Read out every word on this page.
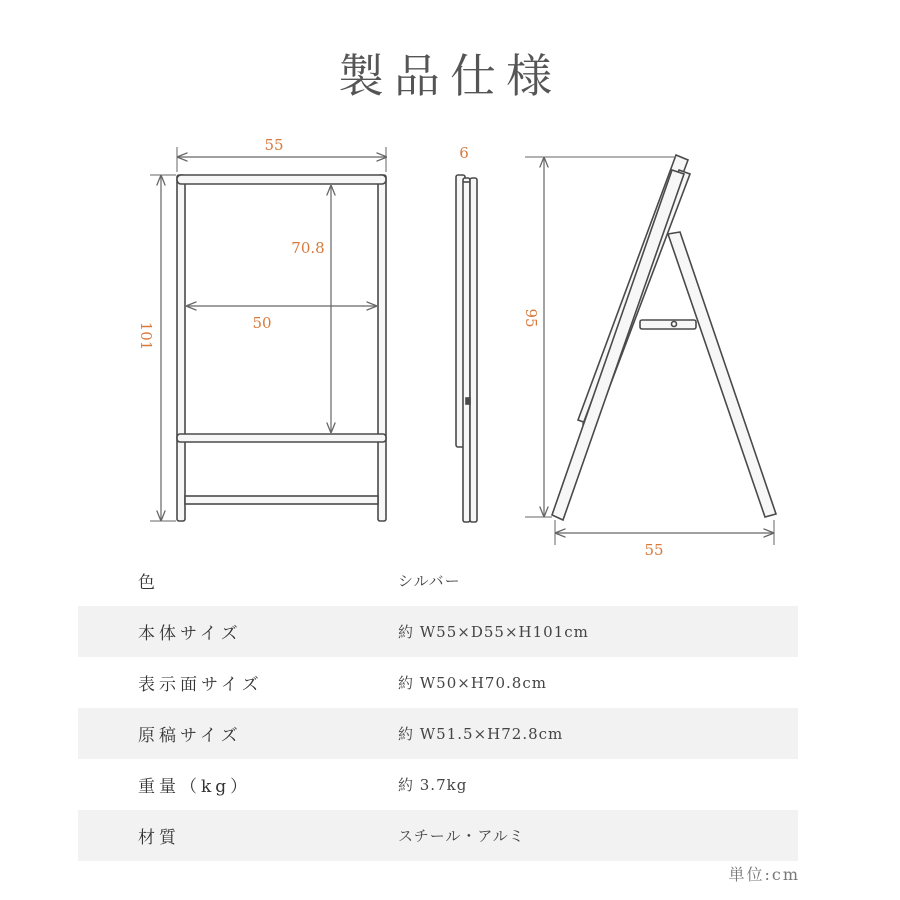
製品仕様
55
101
70.8
50
6
95
55
色	シルバー
本体サイズ	約 W55×D55×H101cm
表示面サイズ	約 W50×H70.8cm
原稿サイズ	約 W51.5×H72.8cm
重量（kg）	約 3.7kg
材質	スチール・アルミ
単位:cm
